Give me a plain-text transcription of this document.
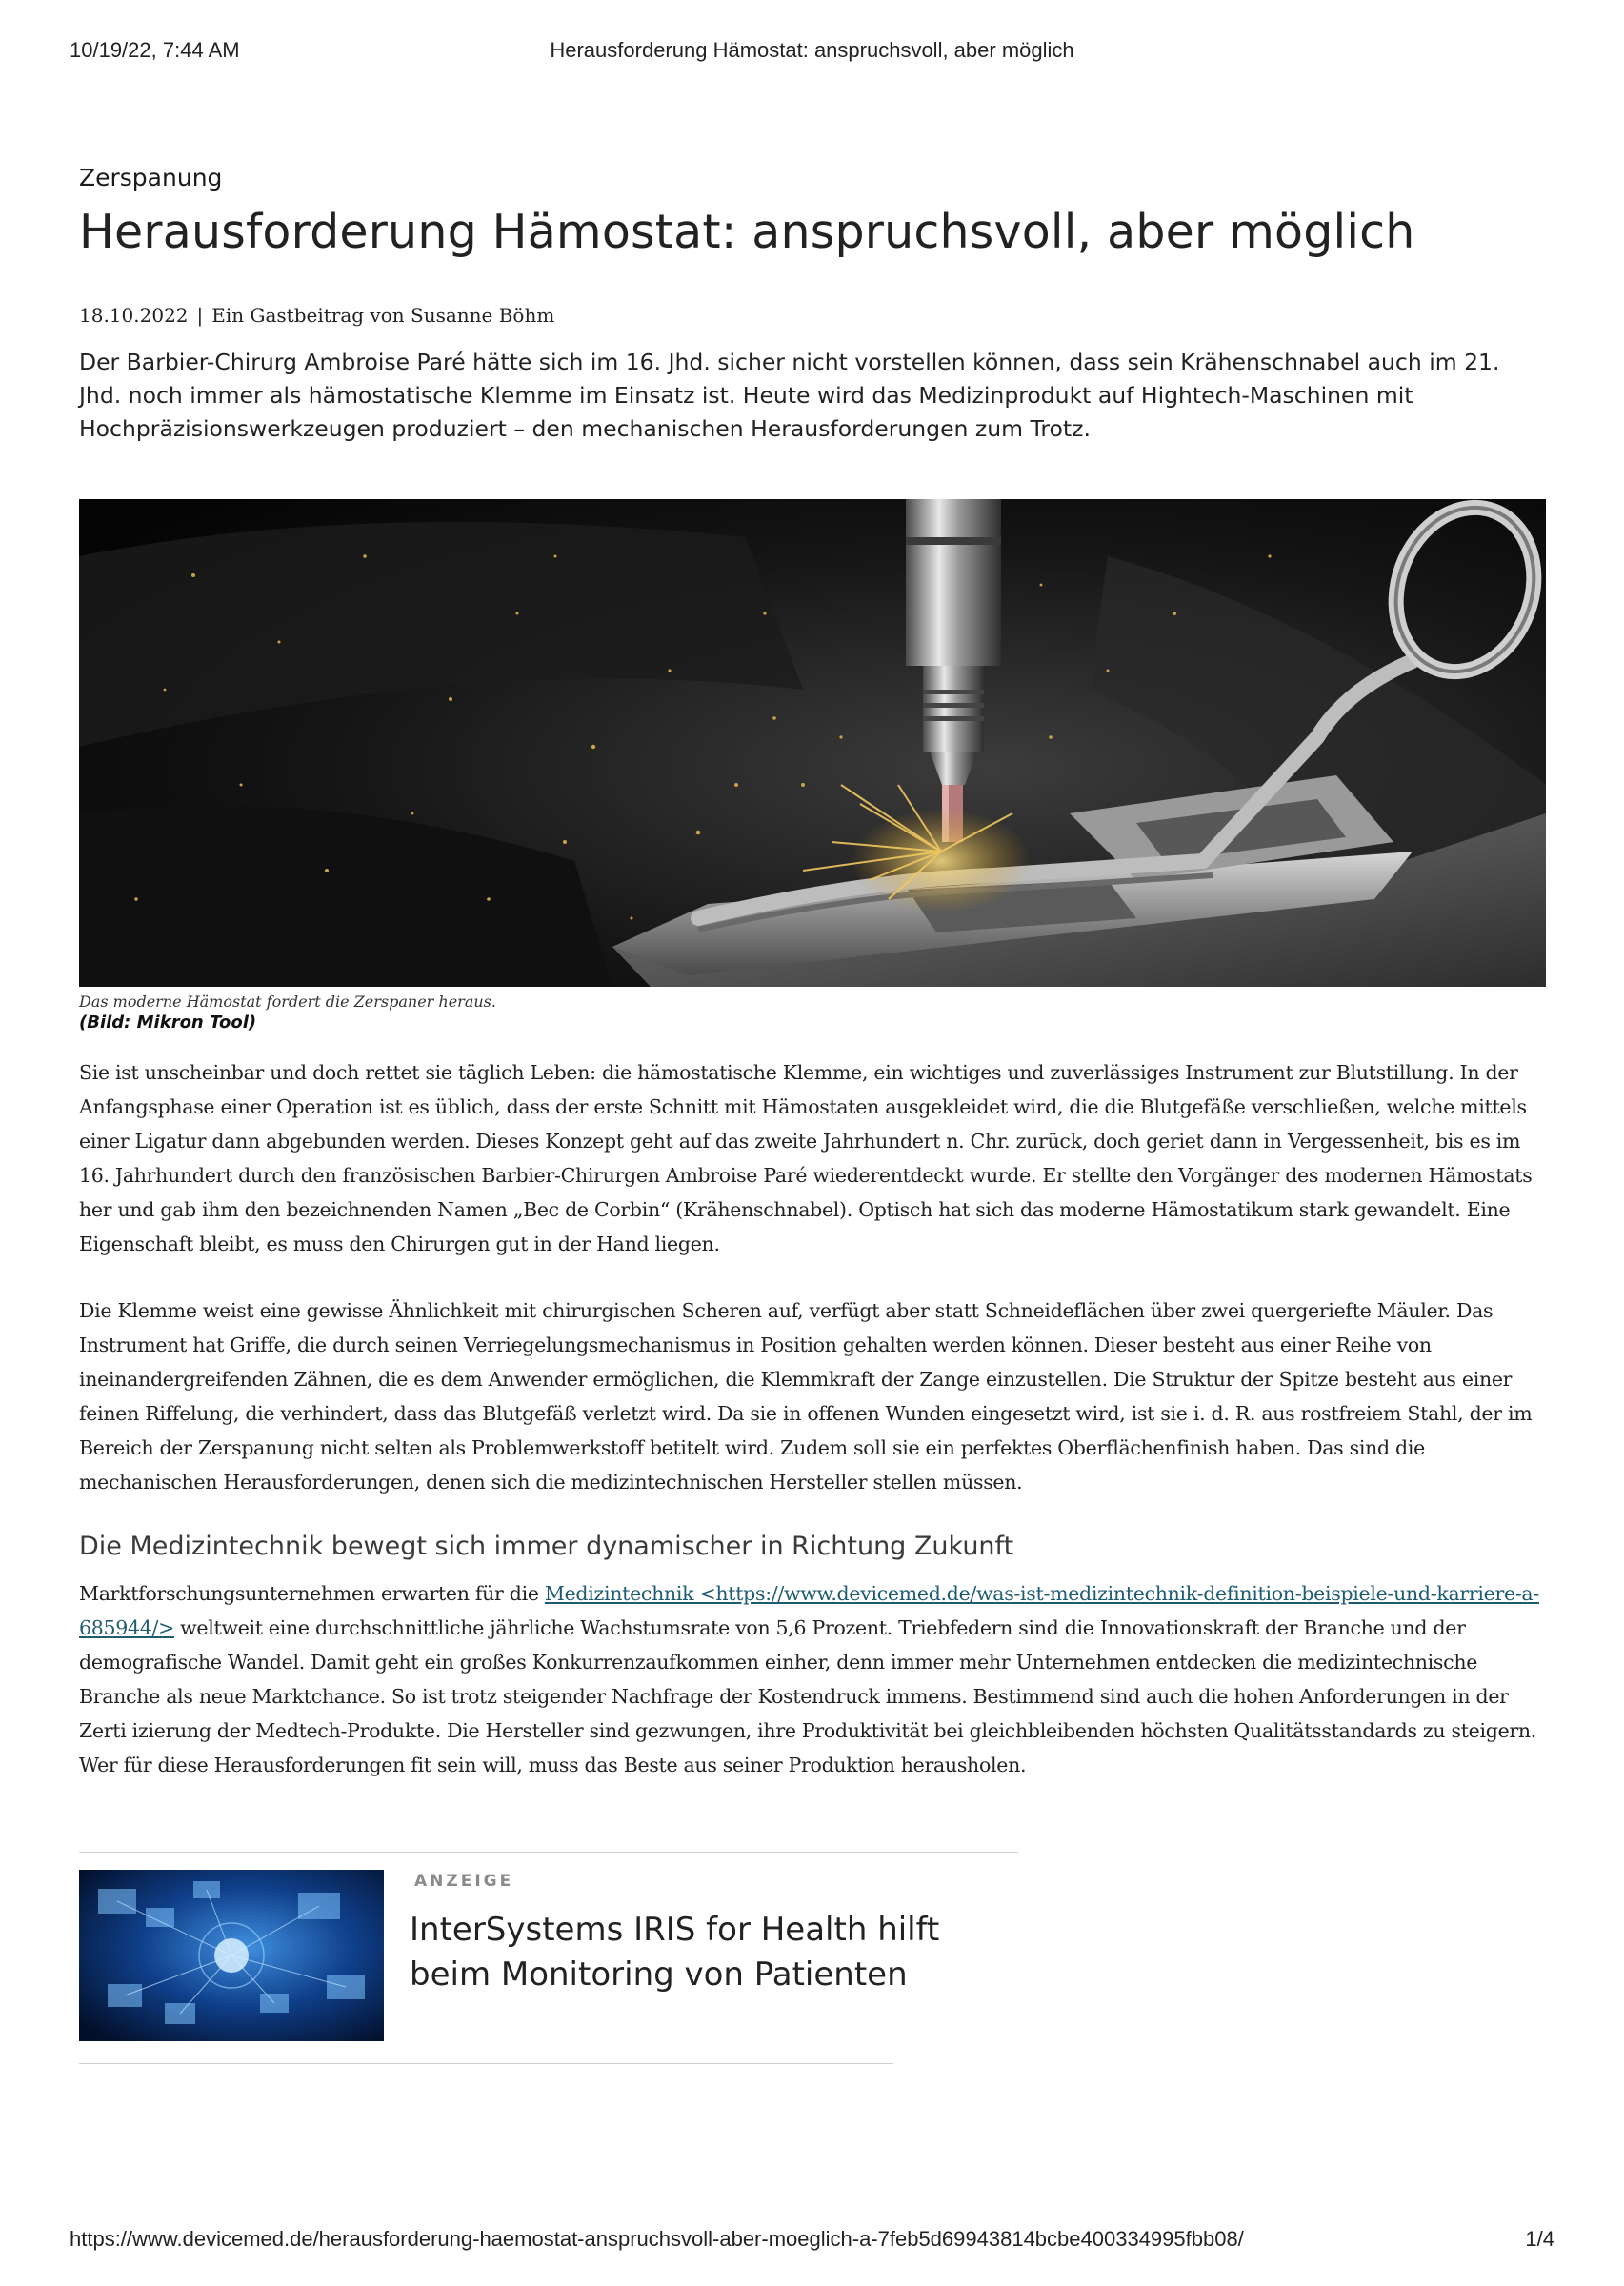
10/19/22, 7:44 AM	Herausforderung Hämostat: anspruchsvoll, aber möglich
Zerspanung
Herausforderung Hämostat: anspruchsvoll, aber möglich
18.10.2022 | Ein Gastbeitrag von Susanne Böhm

Der Barbier-Chirurg Ambroise Paré hätte sich im 16. Jhd. sicher nicht vorstellen können, dass sein Krähenschnabel auch im 21. Jhd. noch immer als hämostatische Klemme im Einsatz ist. Heute wird das Medizinprodukt auf Hightech-Maschinen mit Hochpräzisionswerkzeugen produziert – den mechanischen Herausforderungen zum Trotz.

Das moderne Hämostat fordert die Zerspaner heraus.
(Bild: Mikron Tool)

Sie ist unscheinbar und doch rettet sie täglich Leben: die hämostatische Klemme, ein wichtiges und zuverlässiges Instrument zur Blutstillung. In der Anfangsphase einer Operation ist es üblich, dass der erste Schnitt mit Hämostaten ausgekleidet wird, die die Blutgefäße verschließen, welche mittels einer Ligatur dann abgebunden werden. Dieses Konzept geht auf das zweite Jahrhundert n. Chr. zurück, doch geriet dann in Vergessenheit, bis es im 16. Jahrhundert durch den französischen Barbier-Chirurgen Ambroise Paré wiederentdeckt wurde. Er stellte den Vorgänger des modernen Hämostats her und gab ihm den bezeichnenden Namen „Bec de Corbin“ (Krähenschnabel). Optisch hat sich das moderne Hämostatikum stark gewandelt. Eine Eigenschaft bleibt, es muss den Chirurgen gut in der Hand liegen.

Die Klemme weist eine gewisse Ähnlichkeit mit chirurgischen Scheren auf, verfügt aber statt Schneideflächen über zwei quergeriefte Mäuler. Das Instrument hat Griffe, die durch seinen Verriegelungsmechanismus in Position gehalten werden können. Dieser besteht aus einer Reihe von ineinandergreifenden Zähnen, die es dem Anwender ermöglichen, die Klemmkraft der Zange einzustellen. Die Struktur der Spitze besteht aus einer feinen Riffelung, die verhindert, dass das Blutgefäß verletzt wird. Da sie in offenen Wunden eingesetzt wird, ist sie i. d. R. aus rostfreiem Stahl, der im Bereich der Zerspanung nicht selten als Problemwerkstoff betitelt wird. Zudem soll sie ein perfektes Oberflächenfinish haben. Das sind die mechanischen Herausforderungen, denen sich die medizintechnischen Hersteller stellen müssen.

Die Medizintechnik bewegt sich immer dynamischer in Richtung Zukunft

Marktforschungsunternehmen erwarten für die Medizintechnik <https://www.devicemed.de/was-ist-medizintechnik-definition-beispiele-und-karriere-a-685944/> weltweit eine durchschnittliche jährliche Wachstumsrate von 5,6 Prozent. Triebfedern sind die Innovationskraft der Branche und der demografische Wandel. Damit geht ein großes Konkurrenzaufkommen einher, denn immer mehr Unternehmen entdecken die medizintechnische Branche als neue Marktchance. So ist trotz steigender Nachfrage der Kostendruck immens. Bestimmend sind auch die hohen Anforderungen in der Zerti izierung der Medtech-Produkte. Die Hersteller sind gezwungen, ihre Produktivität bei gleichbleibenden höchsten Qualitätsstandards zu steigern. Wer für diese Herausforderungen fit sein will, muss das Beste aus seiner Produktion herausholen.

ANZEIGE
InterSystems IRIS for Health hilft beim Monitoring von Patienten
https://www.devicemed.de/herausforderung-haemostat-anspruchsvoll-aber-moeglich-a-7feb5d69943814bcbe400334995fbb08/	1/4
